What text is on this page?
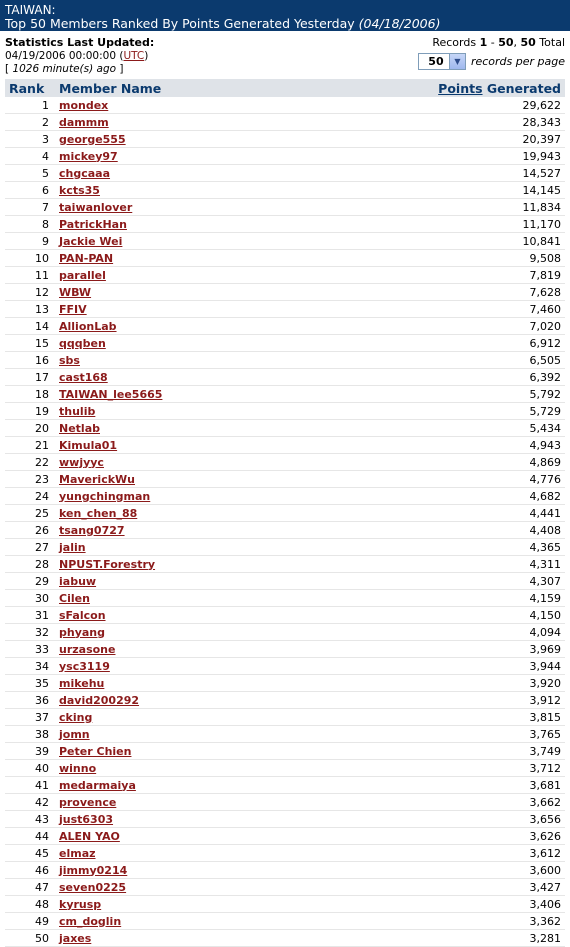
TAIWAN:
Top 50 Members Ranked By Points Generated Yesterday (04/18/2006)
Statistics Last Updated:
04/19/2006 00:00:00 (UTC)
[ 1026 minute(s) ago ]
Records 1 - 50, 50 Total
50	▼ records per page
Rank	Member Name	Points Generated
1	mondex	29,622
2	dammm	28,343
3	george555	20,397
4	mickey97	19,943
5	chgcaaa	14,527
6	kcts35	14,145
7	taiwanlover	11,834
8	PatrickHan	11,170
9	Jackie Wei	10,841
10	PAN-PAN	9,508
11	parallel	7,819
12	WBW	7,628
13	FFIV	7,460
14	AllionLab	7,020
15	qqqben	6,912
16	sbs	6,505
17	cast168	6,392
18	TAIWAN_lee5665	5,792
19	thulib	5,729
20	Netlab	5,434
21	Kimula01	4,943
22	wwjyyc	4,869
23	MaverickWu	4,776
24	yungchingman	4,682
25	ken_chen_88	4,441
26	tsang0727	4,408
27	jalin	4,365
28	NPUST.Forestry	4,311
29	iabuw	4,307
30	Cilen	4,159
31	sFalcon	4,150
32	phyang	4,094
33	urzasone	3,969
34	ysc3119	3,944
35	mikehu	3,920
36	david200292	3,912
37	cking	3,815
38	jomn	3,765
39	Peter Chien	3,749
40	winno	3,712
41	medarmaiya	3,681
42	provence	3,662
43	just6303	3,656
44	ALEN YAO	3,626
45	elmaz	3,612
46	jimmy0214	3,600
47	seven0225	3,427
48	kyrusp	3,406
49	cm_doglin	3,362
50	jaxes	3,281
